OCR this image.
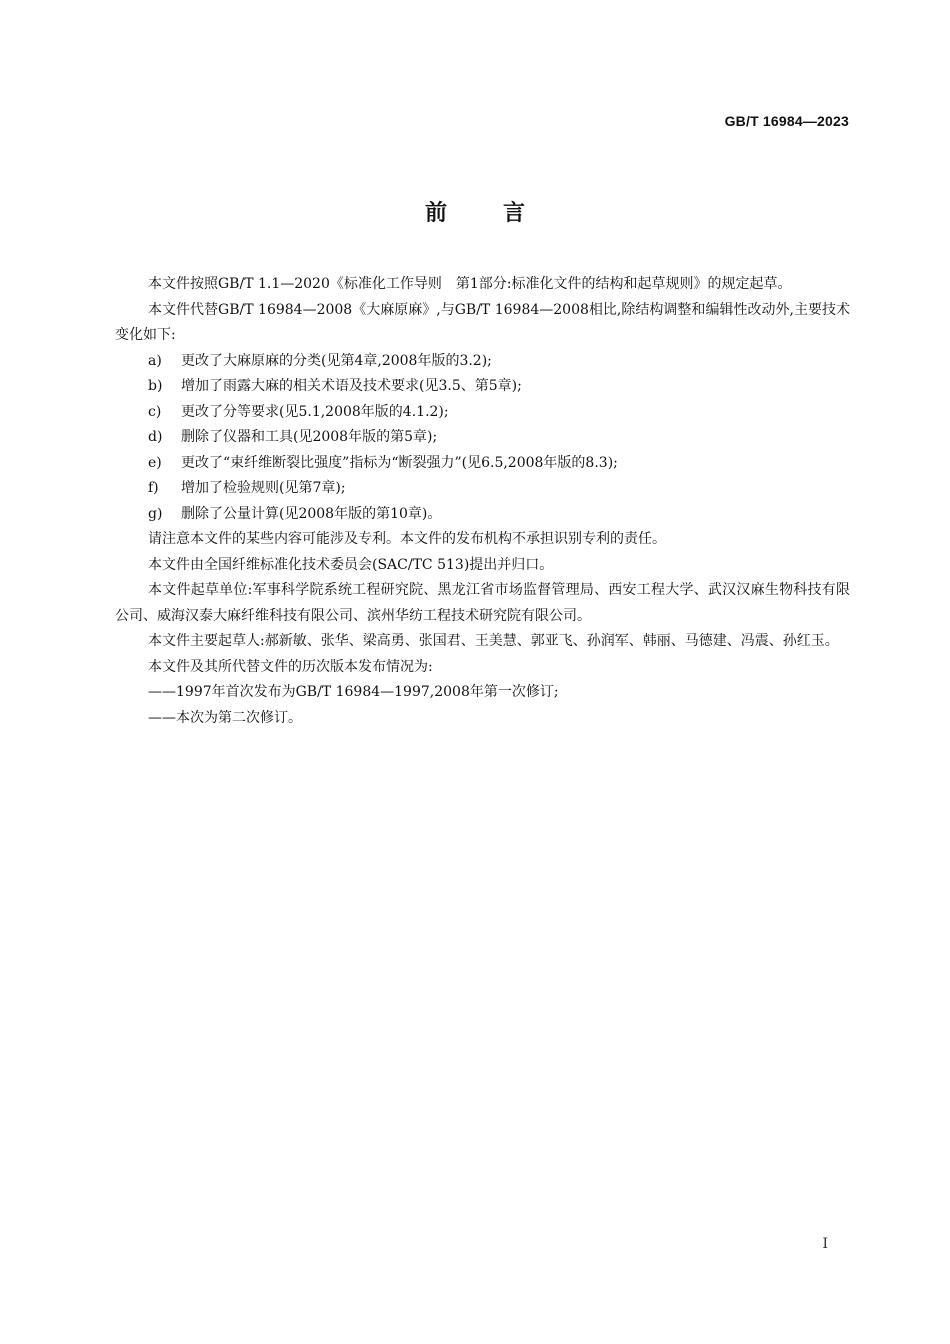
GB/T 16984—2023
前言

本文件按照GB/T 1.1—2020《标准化工作导则　第1部分:标准化文件的结构和起草规则》的规定起草。

本文件代替GB/T 16984—2008《大麻原麻》,与GB/T 16984—2008相比,除结构调整和编辑性改动外,主要技术变化如下:

a) 更改了大麻原麻的分类(见第4章,2008年版的3.2);

b) 增加了雨露大麻的相关术语及技术要求(见3.5、第5章);

c) 更改了分等要求(见5.1,2008年版的4.1.2);

d) 删除了仪器和工具(见2008年版的第5章);

e) 更改了“束纤维断裂比强度”指标为“断裂强力”(见6.5,2008年版的8.3);

f) 增加了检验规则(见第7章);

g) 删除了公量计算(见2008年版的第10章)。

请注意本文件的某些内容可能涉及专利。本文件的发布机构不承担识别专利的责任。

本文件由全国纤维标准化技术委员会(SAC/TC 513)提出并归口。

本文件起草单位:军事科学院系统工程研究院、黑龙江省市场监督管理局、西安工程大学、武汉汉麻生物科技有限公司、威海汉泰大麻纤维科技有限公司、滨州华纺工程技术研究院有限公司。

本文件主要起草人:郝新敏、张华、梁高勇、张国君、王美慧、郭亚飞、孙润军、韩丽、马德建、冯震、孙红玉。

本文件及其所代替文件的历次版本发布情况为:

——1997年首次发布为GB/T 16984—1997,2008年第一次修订;

——本次为第二次修订。

I
